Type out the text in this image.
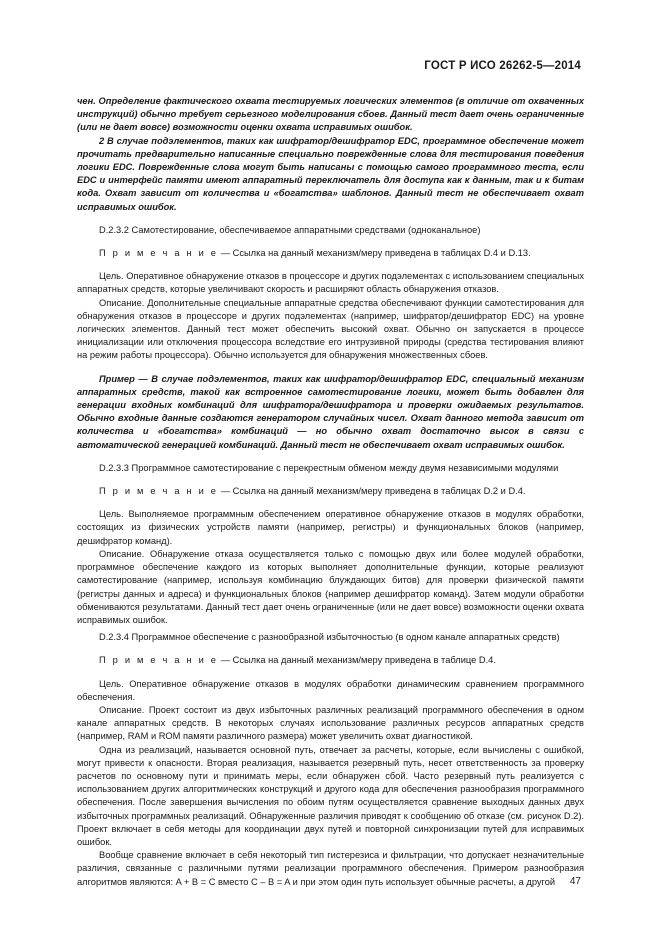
ГОСТ Р ИСО 26262-5—2014

чен. Определение фактического охвата тестируемых логических элементов (в отличие от охваченных инструкций) обычно требует серьезного моделирования сбоев. Данный тест дает очень ограниченные (или не дает вовсе) возможности оценки охвата исправимых ошибок.

2 В случае подэлементов, таких как шифратор/дешифратор EDC, программное обеспечение может прочитать предварительно написанные специально поврежденные слова для тестирования поведения логики EDC. Поврежденные слова могут быть написаны с помощью самого программного теста, если EDC и интерфейс памяти имеют аппаратный переключатель для доступа как к данным, так и к битам кода. Охват зависит от количества и «богатства» шаблонов. Данный тест не обеспечивает охват исправимых ошибок.

D.2.3.2 Самотестирование, обеспечиваемое аппаратными средствами (одноканальное)

П р и м е ч а н и е — Ссылка на данный механизм/меру приведена в таблицах D.4 и D.13.

Цель. Оперативное обнаружение отказов в процессоре и других подэлементах с использованием специальных аппаратных средств, которые увеличивают скорость и расширяют область обнаружения отказов.

Описание. Дополнительные специальные аппаратные средства обеспечивают функции самотестирования для обнаружения отказов в процессоре и других подэлементах (например, шифратор/дешифратор EDC) на уровне логических элементов. Данный тест может обеспечить высокий охват. Обычно он запускается в процессе инициализации или отключения процессора вследствие его интрузивной природы (средства тестирования влияют на режим работы процессора). Обычно используется для обнаружения множественных сбоев.

Пример — В случае подэлементов, таких как шифратор/дешифратор EDC, специальный механизм аппаратных средств, такой как встроенное самотестирование логики, может быть добавлен для генерации входных комбинаций для шифратора/дешифратора и проверки ожидаемых результатов. Обычно входные данные создаются генератором случайных чисел. Охват данного метода зависит от количества и «богатства» комбинаций — но обычно охват достаточно высок в связи с автоматической генерацией комбинаций. Данный тест не обеспечивает охват исправимых ошибок.

D.2.3.3 Программное самотестирование с перекрестным обменом между двумя независимыми модулями

П р и м е ч а н и е — Ссылка на данный механизм/меру приведена в таблицах D.2 и D.4.

Цель. Выполняемое программным обеспечением оперативное обнаружение отказов в модулях обработки, состоящих из физических устройств памяти (например, регистры) и функциональных блоков (например, дешифратор команд).

Описание. Обнаружение отказа осуществляется только с помощью двух или более модулей обработки, программное обеспечение каждого из которых выполняет дополнительные функции, которые реализуют самотестирование (например, используя комбинацию блуждающих битов) для проверки физической памяти (регистры данных и адреса) и функциональных блоков (например дешифратор команд). Затем модули обработки обмениваются результатами. Данный тест дает очень ограниченные (или не дает вовсе) возможности оценки охвата исправимых ошибок.

D.2.3.4 Программное обеспечение с разнообразной избыточностью (в одном канале аппаратных средств)

П р и м е ч а н и е — Ссылка на данный механизм/меру приведена в таблице D.4.

Цель. Оперативное обнаружение отказов в модулях обработки динамическим сравнением программного обеспечения.

Описание. Проект состоит из двух избыточных различных реализаций программного обеспечения в одном канале аппаратных средств. В некоторых случаях использование различных ресурсов аппаратных средств (например, RAM и ROM памяти различного размера) может увеличить охват диагностикой.

Одна из реализаций, называется основной путь, отвечает за расчеты, которые, если вычислены с ошибкой, могут привести к опасности. Вторая реализация, называется резервный путь, несет ответственность за проверку расчетов по основному пути и принимать меры, если обнаружен сбой. Часто резервный путь реализуется с использованием других алгоритмических конструкций и другого кода для обеспечения разнообразия программного обеспечения. После завершения вычисления по обоим путям осуществляется сравнение выходных данных двух избыточных программных реализаций. Обнаруженные различия приводят к сообщению об отказе (см. рисунок D.2). Проект включает в себя методы для координации двух путей и повторной синхронизации путей для исправимых ошибок.

Вообще сравнение включает в себя некоторый тип гистерезиса и фильтрации, что допускает незначительные различия, связанные с различными путями реализации программного обеспечения. Примером разнообразия алгоритмов являются: A + B = C вместо C – B = A и при этом один путь использует обычные расчеты, а другой	47
